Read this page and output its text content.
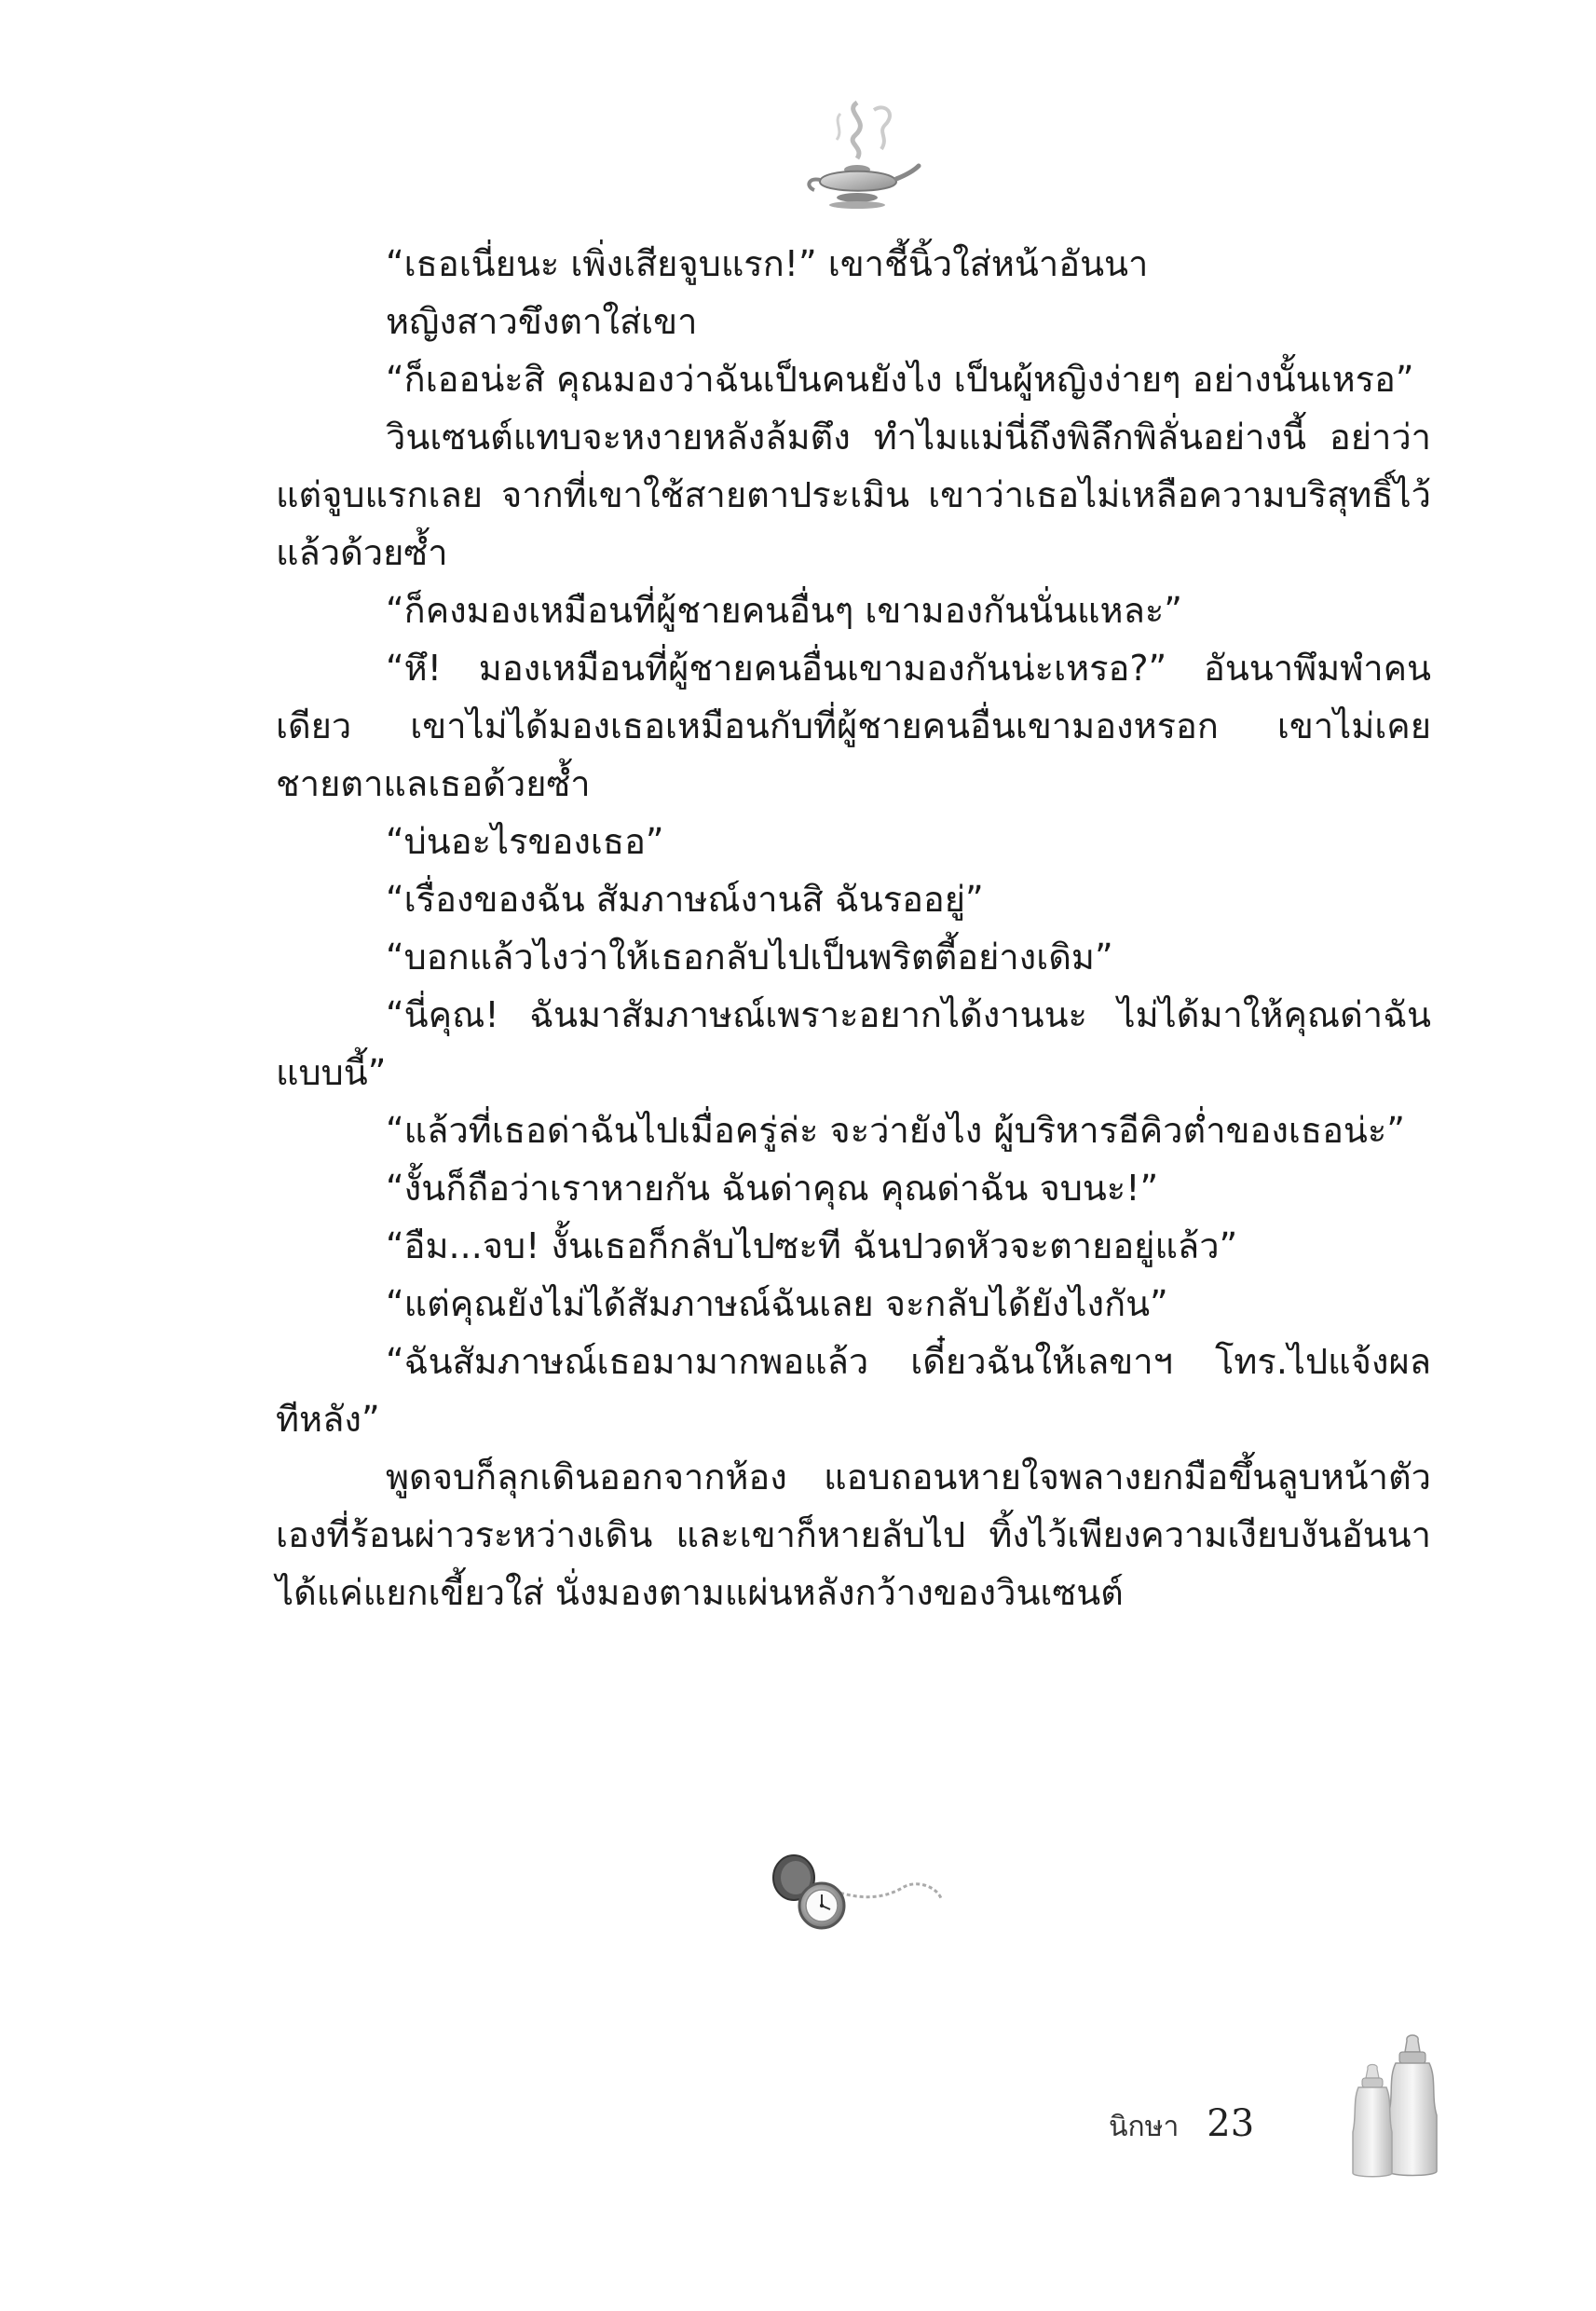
“เธอเนี่ยนะ เพิ่งเสียจูบแรก!” เขาชี้นิ้วใส่หน้าอันนา

หญิงสาวขึงตาใส่เขา

“ก็เออน่ะสิ คุณมองว่าฉันเป็นคนยังไง เป็นผู้หญิงง่ายๆ อย่างนั้นเหรอ”

วินเซนต์แทบจะหงายหลังล้มตึง ทำไมแม่นี่ถึงพิลึกพิลั่นอย่างนี้ อย่าว่าแต่จูบแรกเลย จากที่เขาใช้สายตาประเมิน เขาว่าเธอไม่เหลือความบริสุทธิ์ไว้แล้วด้วยซ้ำ

“ก็คงมองเหมือนที่ผู้ชายคนอื่นๆ เขามองกันนั่นแหละ”

“หึ! มองเหมือนที่ผู้ชายคนอื่นเขามองกันน่ะเหรอ?” อันนาพึมพำคนเดียว เขาไม่ได้มองเธอเหมือนกับที่ผู้ชายคนอื่นเขามองหรอก เขาไม่เคยชายตาแลเธอด้วยซ้ำ

“บ่นอะไรของเธอ”

“เรื่องของฉัน สัมภาษณ์งานสิ ฉันรออยู่”

“บอกแล้วไงว่าให้เธอกลับไปเป็นพริตตี้อย่างเดิม”

“นี่คุณ! ฉันมาสัมภาษณ์เพราะอยากได้งานนะ ไม่ได้มาให้คุณด่าฉันแบบนี้”

“แล้วที่เธอด่าฉันไปเมื่อครู่ล่ะ จะว่ายังไง ผู้บริหารอีคิวต่ำของเธอน่ะ”

“งั้นก็ถือว่าเราหายกัน ฉันด่าคุณ คุณด่าฉัน จบนะ!”

“อืม...จบ! งั้นเธอก็กลับไปซะที ฉันปวดหัวจะตายอยู่แล้ว”

“แต่คุณยังไม่ได้สัมภาษณ์ฉันเลย จะกลับได้ยังไงกัน”

“ฉันสัมภาษณ์เธอมามากพอแล้ว เดี๋ยวฉันให้เลขาฯ โทร.ไปแจ้งผลทีหลัง”

พูดจบก็ลุกเดินออกจากห้อง แอบถอนหายใจพลางยกมือขึ้นลูบหน้าตัวเองที่ร้อนผ่าวระหว่างเดิน และเขาก็หายลับไป ทิ้งไว้เพียงความเงียบงันอันนาได้แค่แยกเขี้ยวใส่ นั่งมองตามแผ่นหลังกว้างของวินเซนต์

นิกษา 23
